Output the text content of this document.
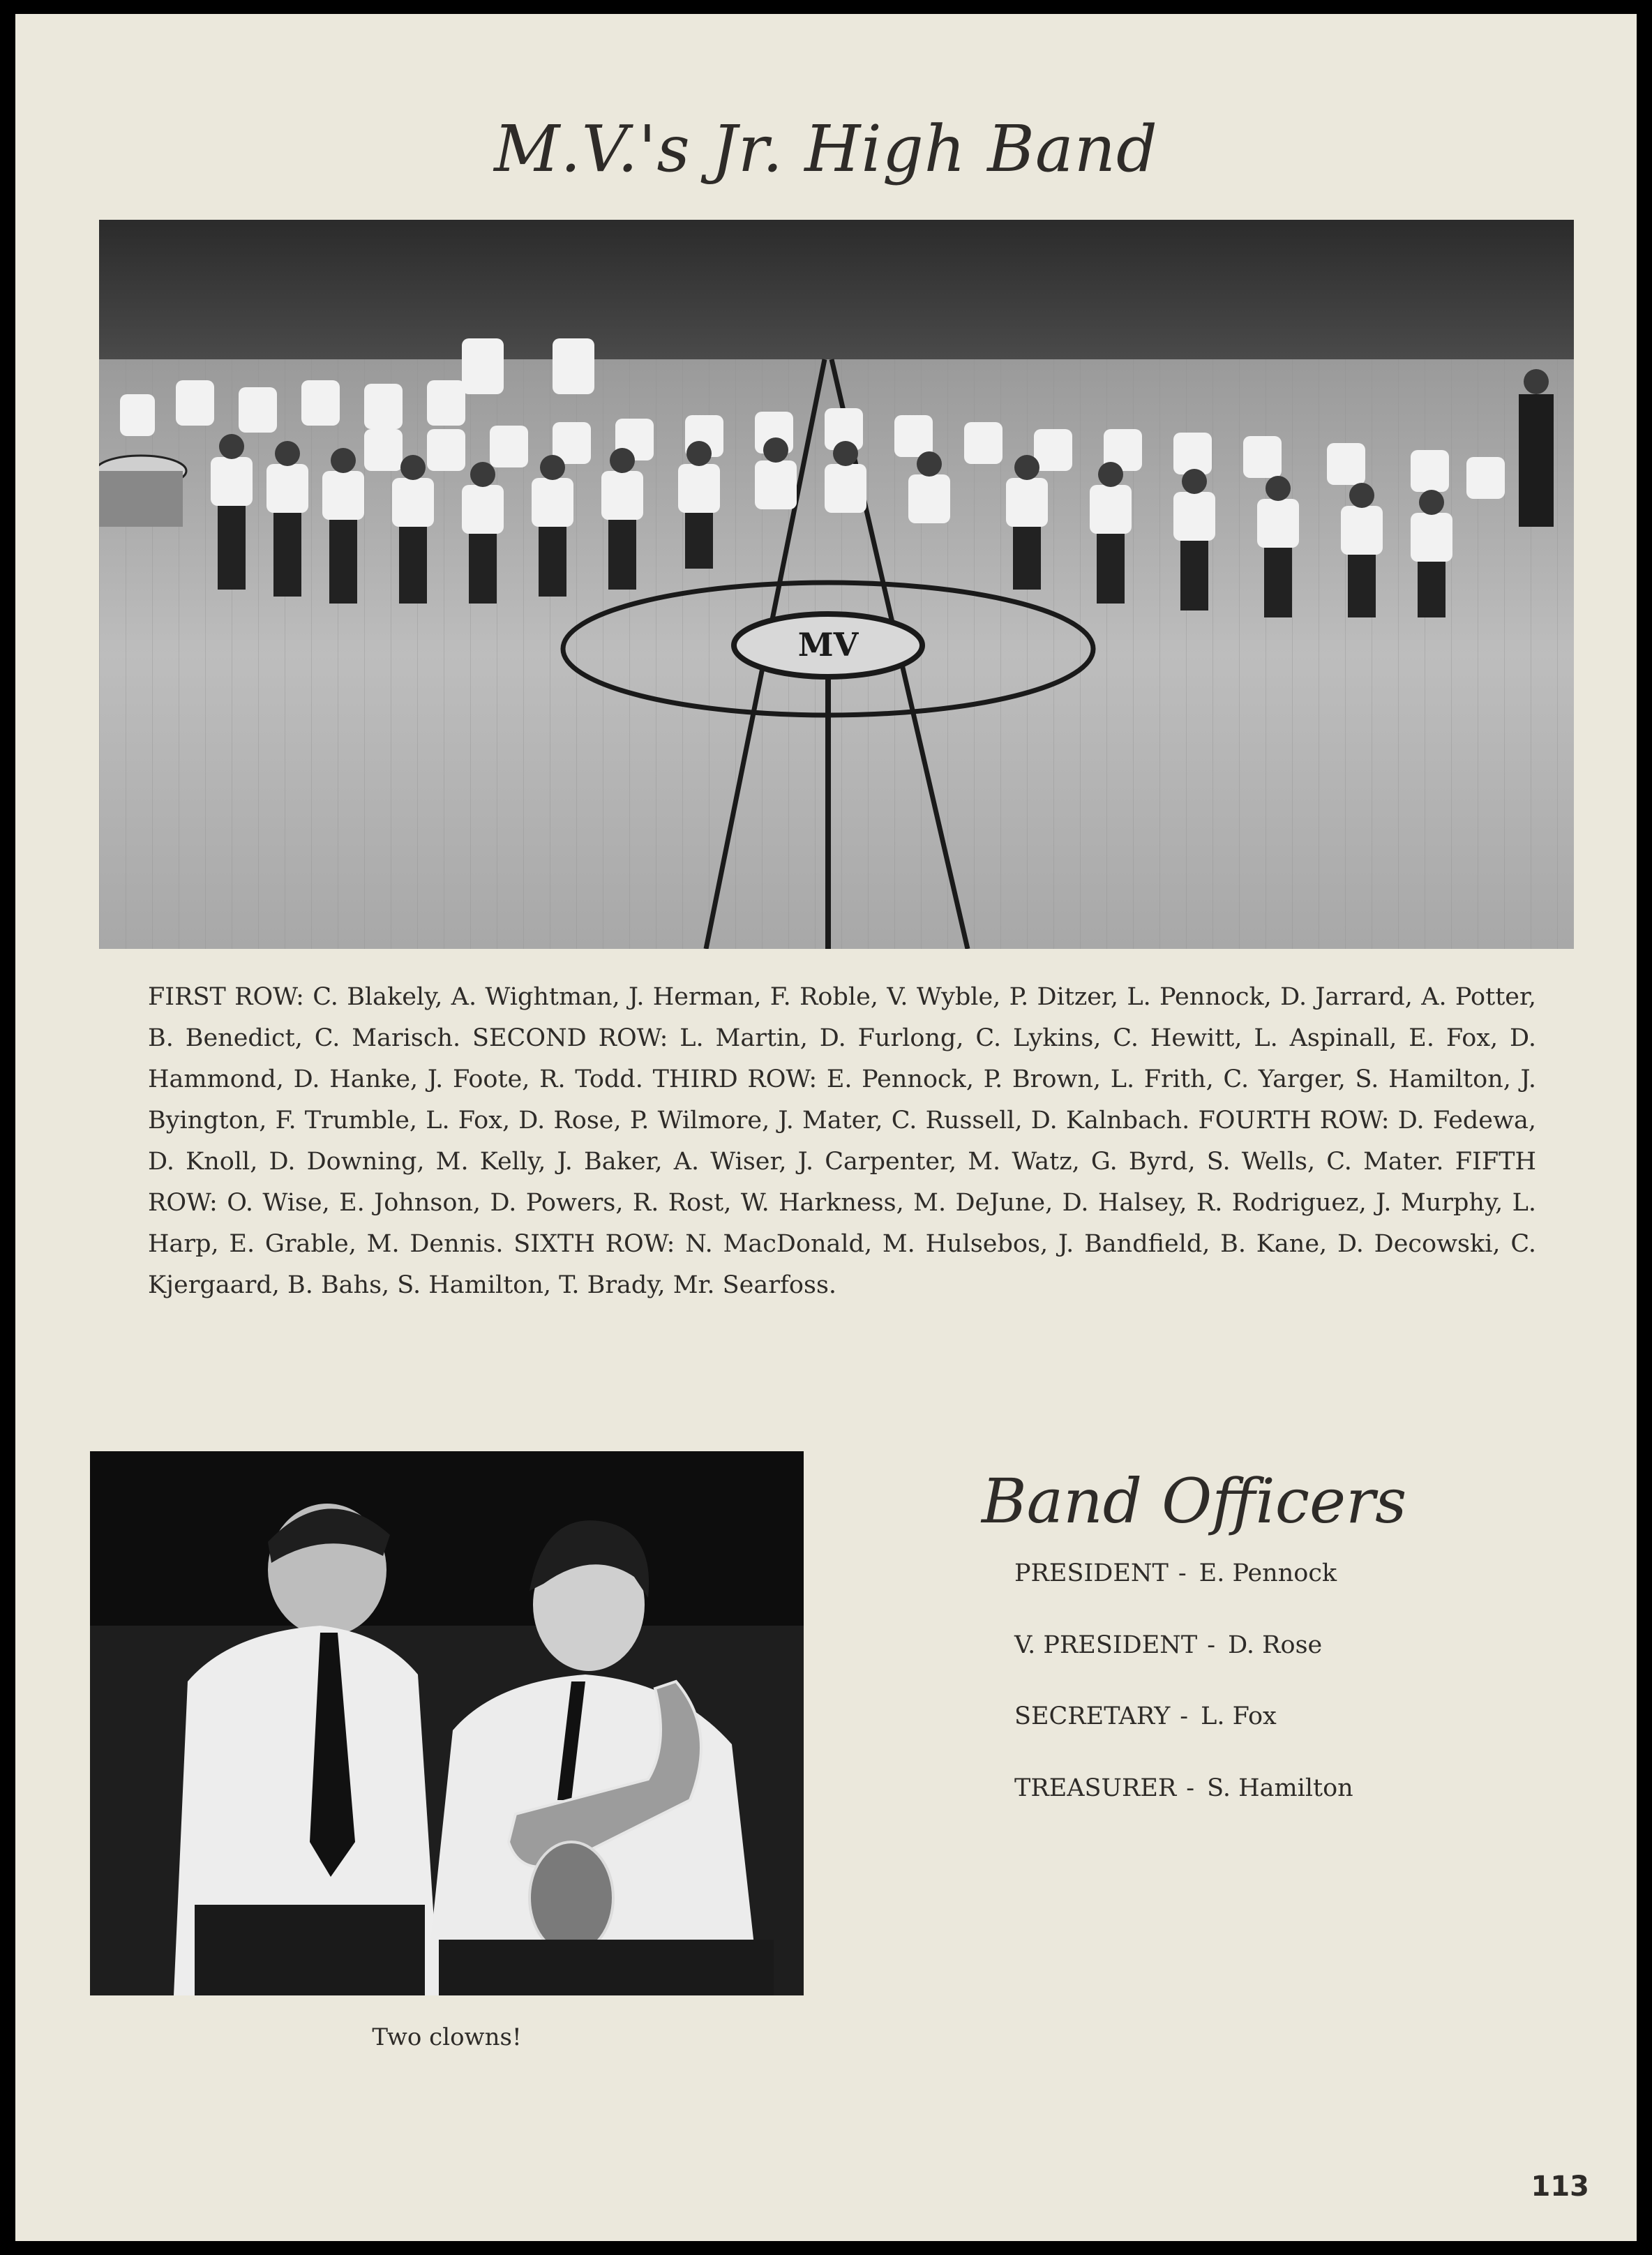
M.V.'s Jr. High Band
MV

FIRST ROW: C. Blakely, A. Wightman, J. Herman, F. Roble, V. Wyble, P. Ditzer, L. Pennock, D. Jarrard, A. Potter, B. Benedict, C. Marisch. SECOND ROW: L. Martin, D. Furlong, C. Lykins, C. Hewitt, L. Aspinall, E. Fox, D. Hammond, D. Hanke, J. Foote, R. Todd. THIRD ROW: E. Pennock, P. Brown, L. Frith, C. Yarger, S. Hamilton, J. Byington, F. Trumble, L. Fox, D. Rose, P. Wilmore, J. Mater, C. Russell, D. Kalnbach. FOURTH ROW: D. Fedewa, D. Knoll, D. Downing, M. Kelly, J. Baker, A. Wiser, J. Carpenter, M. Watz, G. Byrd, S. Wells, C. Mater. FIFTH ROW: O. Wise, E. Johnson, D. Powers, R. Rost, W. Harkness, M. DeJune, D. Halsey, R. Rodriguez, J. Murphy, L. Harp, E. Grable, M. Dennis. SIXTH ROW: N. MacDonald, M. Hulsebos, J. Bandfield, B. Kane, D. Decowski, C. Kjergaard, B. Bahs, S. Hamilton, T. Brady, Mr. Searfoss.

Two clowns!
Band Officers
PRESIDENT - E. Pennock
V. PRESIDENT - D. Rose
SECRETARY - L. Fox
TREASURER - S. Hamilton
113
